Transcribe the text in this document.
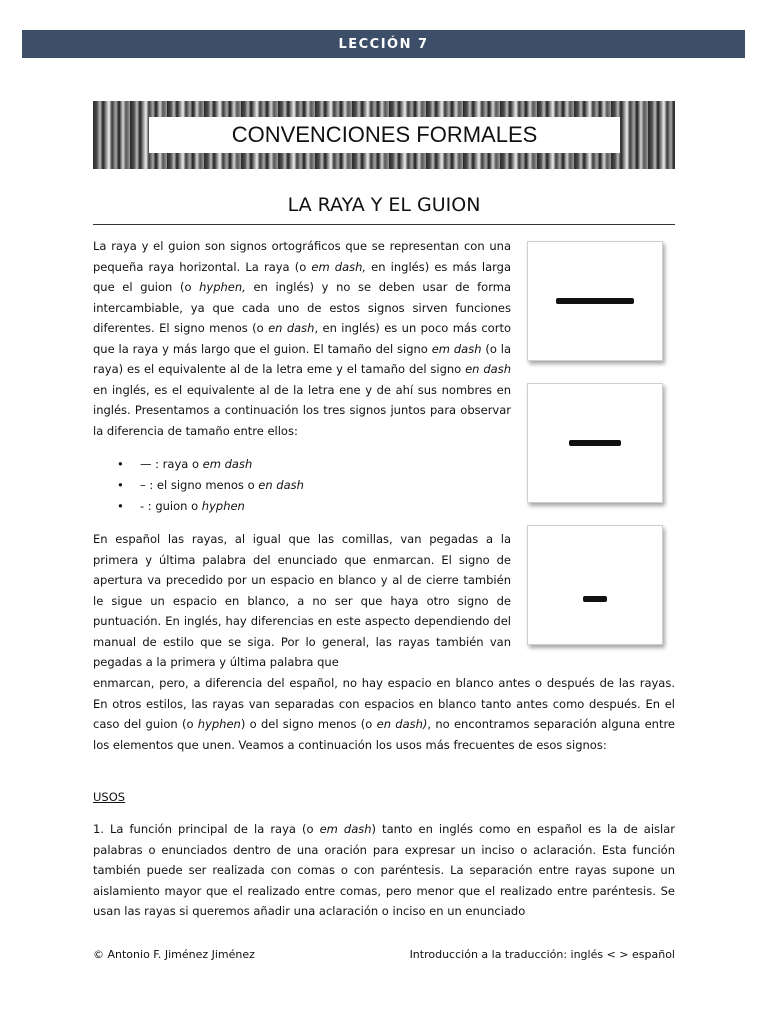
LECCIÓN 7
CONVENCIONES FORMALES
LA RAYA Y EL GUION

La raya y el guion son signos ortográficos que se representan con una pequeña raya horizontal. La raya (o em dash, en inglés) es más larga que el guion (o hyphen, en inglés) y no se deben usar de forma intercambiable, ya que cada uno de estos signos sirven funciones diferentes. El signo menos (o en dash, en inglés) es un poco más corto que la raya y más largo que el guion. El tamaño del signo em dash (o la raya) es el equivalente al de la letra eme y el tamaño del signo en dash en inglés, es el equivalente al de la letra ene y de ahí sus nombres en inglés. Presentamos a continuación los tres signos juntos para observar la diferencia de tamaño entre ellos:

• — : raya o em dash
• – : el signo menos o en dash
• - : guion o hyphen

En español las rayas, al igual que las comillas, van pegadas a la primera y última palabra del enunciado que enmarcan. El signo de apertura va precedido por un espacio en blanco y al de cierre también le sigue un espacio en blanco, a no ser que haya otro signo de puntuación. En inglés, hay diferencias en este aspecto dependiendo del manual de estilo que se siga. Por lo general, las rayas también van pegadas a la primera y última palabra que

enmarcan, pero, a diferencia del español, no hay espacio en blanco antes o después de las rayas. En otros estilos, las rayas van separadas con espacios en blanco tanto antes como después. En el caso del guion (o hyphen) o del signo menos (o en dash), no encontramos separación alguna entre los elementos que unen. Veamos a continuación los usos más frecuentes de esos signos:

USOS

1. La función principal de la raya (o em dash) tanto en inglés como en español es la de aislar palabras o enunciados dentro de una oración para expresar un inciso o aclaración. Esta función también puede ser realizada con comas o con paréntesis. La separación entre rayas supone un aislamiento mayor que el realizado entre comas, pero menor que el realizado entre paréntesis. Se usan las rayas si queremos añadir una aclaración o inciso en un enunciado

© Antonio F. Jiménez Jiménez	Introducción a la traducción: inglés < > español
